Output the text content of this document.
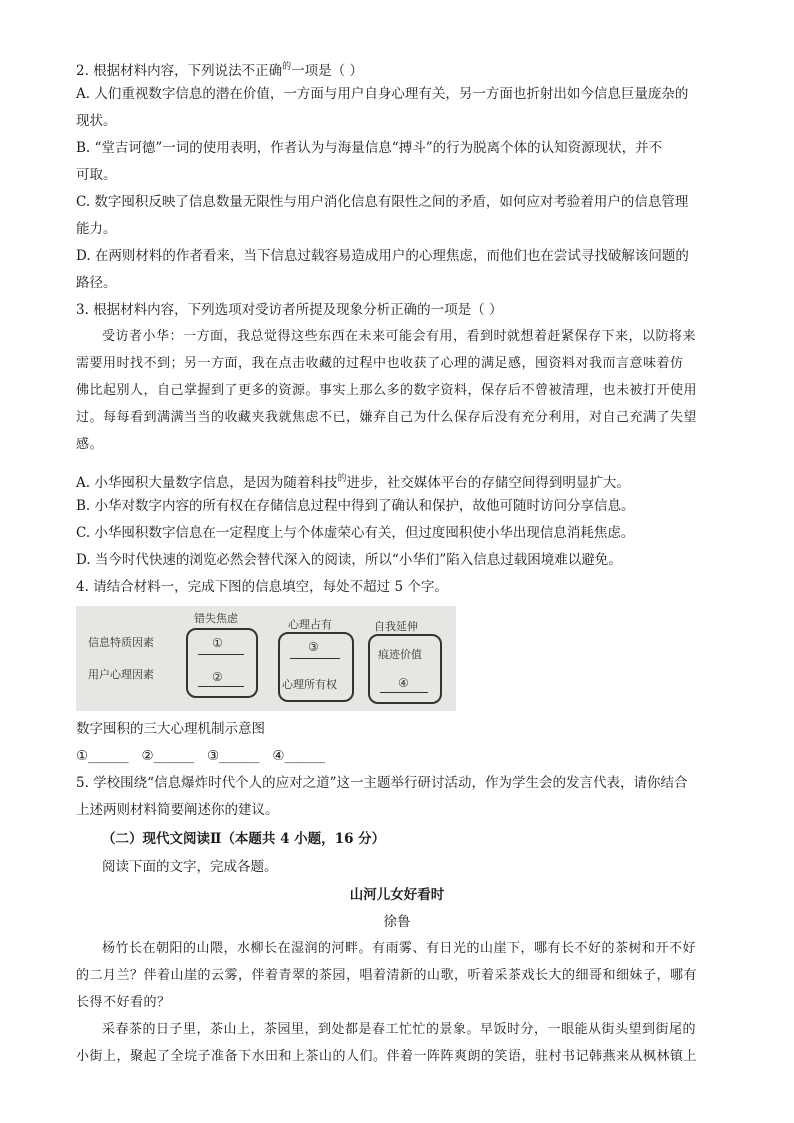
2. 根据材料内容，下列说法不正确$^的$一项是（ ）
A. 人们重视数字信息的潜在价值，一方面与用户自身心理有关，另一方面也折射出如今信息巨量庞杂的
现状。
B. “堂吉诃德”一词的使用表明，作者认为与海量信息“搏斗”的行为脱离个体的认知资源现状，并不
可取。
C. 数字囤积反映了信息数量无限性与用户消化信息有限性之间的矛盾，如何应对考验着用户的信息管理
能力。
D. 在两则材料的作者看来，当下信息过载容易造成用户的心理焦虑，而他们也在尝试寻找破解该问题的
路径。
3. 根据材料内容，下列选项对受访者所提及现象分析正确的一项是（ ）
受访者小华：一方面，我总觉得这些东西在未来可能会有用，看到时就想着赶紧保存下来，以防将来
需要用时找不到；另一方面，我在点击收藏的过程中也收获了心理的满足感，囤资料对我而言意味着仿
佛比起别人，自己掌握到了更多的资源。事实上那么多的数字资料，保存后不曾被清理，也未被打开使用
过。每每看到满满当当的收藏夹我就焦虑不已，嫌弃自己为什么保存后没有充分利用，对自己充满了失望
感。
A. 小华囤积大量数字信息，是因为随着科技$^的$进步，社交媒体平台的存储空间得到明显扩大。
B. 小华对数字内容的所有权在存储信息过程中得到了确认和保护，故他可随时访问分享信息。
C. 小华囤积数字信息在一定程度上与个体虚荣心有关，但过度囤积使小华出现信息消耗焦虑。
D. 当今时代快速的浏览必然会替代深入的阅读，所以“小华们”陷入信息过载困境难以避免。
4. 请结合材料一，完成下图的信息填空，每处不超过 5 个字。
错失焦虑	心理占有	自我延伸
信息特质因素
用户心理因素
①
②
③
心理所有权
痕迹价值
④
数字囤积的三大心理机制示意图
①______   ②______   ③______   ④______
5. 学校围绕“信息爆炸时代个人的应对之道”这一主题举行研讨活动，作为学生会的发言代表，请你结合
上述两则材料简要阐述你的建议。
（二）现代文阅读Ⅱ（本题共 4 小题，16 分）
阅读下面的文字，完成各题。
山河儿女好看时
徐鲁
杨竹长在朝阳的山隈，水柳长在湿润的河畔。有雨雾、有日光的山崖下，哪有长不好的茶树和开不好
的二月兰？伴着山崖的云雾，伴着青翠的茶园，唱着清新的山歌，听着采茶戏长大的细哥和细妹子，哪有
长得不好看的？
采春茶的日子里，茶山上，茶园里，到处都是春工忙忙的景象。早饭时分，一眼能从街头望到街尾的
小街上，聚起了全垸子准备下水田和上茶山的人们。伴着一阵阵爽朗的笑语，驻村书记韩燕来从枫林镇上
